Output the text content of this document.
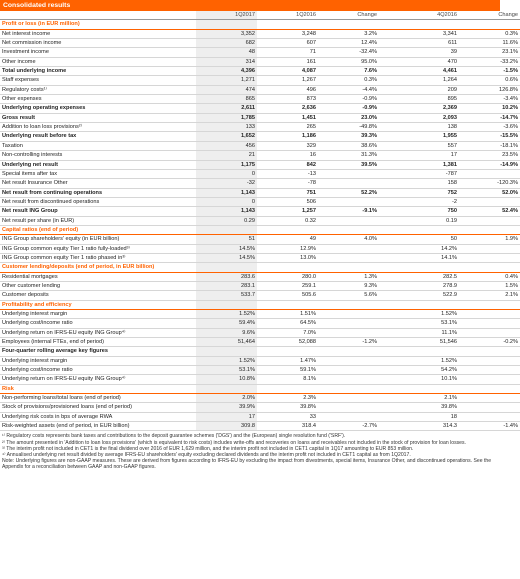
Consolidated results
	1Q2017	1Q2016	Change		4Q2016	Change
Profit or loss (in EUR million)						
Net interest income	3,352	3,248	3.2%		3,341	0.3%
Net commission income	682	607	12.4%		611	11.6%
Investment income	48	71	-32.4%		39	23.1%
Other income	314	161	95.0%		470	-33.2%
Total underlying income	4,396	4,087	7.6%		4,461	-1.5%
Staff expenses	1,271	1,267	0.3%		1,264	0.6%
Regulatory costs¹⁾	474	496	-4.4%		209	126.8%
Other expenses	865	873	-0.9%		895	-3.4%
Underlying operating expenses	2,611	2,636	-0.9%		2,369	10.2%
Gross result	1,785	1,451	23.0%		2,093	-14.7%
Addition to loan loss provisions²⁾	133	265	-49.8%		138	-3.6%
Underlying result before tax	1,652	1,186	39.3%		1,955	-15.5%
Taxation	456	329	38.6%		557	-18.1%
Non-controlling interests	21	16	31.3%		17	23.5%
Underlying net result	1,175	842	39.5%		1,381	-14.9%
Special items after tax	0	-13			-787	
Net result Insurance Other	-32	-78			158	-120.3%
Net result from continuing operations	1,143	751	52.2%		752	52.0%
Net result from discontinued operations	0	506			-2	
Net result ING Group	1,143	1,257	-9.1%		750	52.4%
Net result per share (in EUR)	0.29	0.32			0.19	
Capital ratios (end of period)						
ING Group shareholders' equity (in EUR billion)	51	49	4.0%		50	1.9%
ING Group common equity Tier 1 ratio fully-loaded³⁾	14.5%	12.9%			14.2%	
ING Group common equity Tier 1 ratio phased in³⁾	14.5%	13.0%			14.1%	
Customer lending/deposits (end of period, in EUR billion)						
Residential mortgages	283.6	280.0	1.3%		282.5	0.4%
Other customer lending	283.1	259.1	9.3%		278.9	1.5%
Customer deposits	533.7	505.6	5.6%		522.9	2.1%
Profitability and efficiency						
Underlying interest margin	1.52%	1.51%			1.52%	
Underlying cost/income ratio	59.4%	64.5%			53.1%	
Underlying return on IFRS-EU equity ING Group⁴⁾	9.6%	7.0%			11.1%	
Employees (internal FTEs, end of period)	51,464	52,088	-1.2%		51,546	-0.2%
Four-quarter rolling average key figures						
Underlying interest margin	1.52%	1.47%			1.52%	
Underlying cost/income ratio	53.1%	59.1%			54.2%	
Underlying return on IFRS-EU equity ING Group⁴⁾	10.8%	8.1%			10.1%	
Risk						
Non-performing loans/total loans (end of period)	2.0%	2.3%			2.1%	
Stock of provisions/provisioned loans (end of period)	39.9%	39.8%			39.8%	
Underlying risk costs in bps of average RWA	17	33			18	
Risk-weighted assets (end of period, in EUR billion)	309.8	318.4	-2.7%		314.3	-1.4%
¹⁾ Regulatory costs represents bank taxes and contributions to the deposit guarantee schemes ('DGS') and the (European) single resolution fund ('SRF').
²⁾ The amount presented in 'Addition to loan loss provisions' (which is equivalent to risk costs) includes write-offs and recoveries on loans and receivables not included in the stock of provision for loan losses.
³⁾ The interim profit not included in CET1 is the final dividend over 2016 of EUR 1,629 million, and the interim profit not included in CET1 capital in 1Q17 amounting to EUR 853 million.
⁴⁾ Annualised underlying net result divided by average IFRS-EU shareholders' equity excluding declared dividends and the interim profit not included in CET1 capital as from 1Q2017.
Note: Underlying figures are non-GAAP measures. These are derived from figures according to IFRS-EU by excluding the impact from divestments, special items, Insurance Other, and discontinued operations. See the Appendix for a reconciliation between GAAP and non-GAAP figures.
